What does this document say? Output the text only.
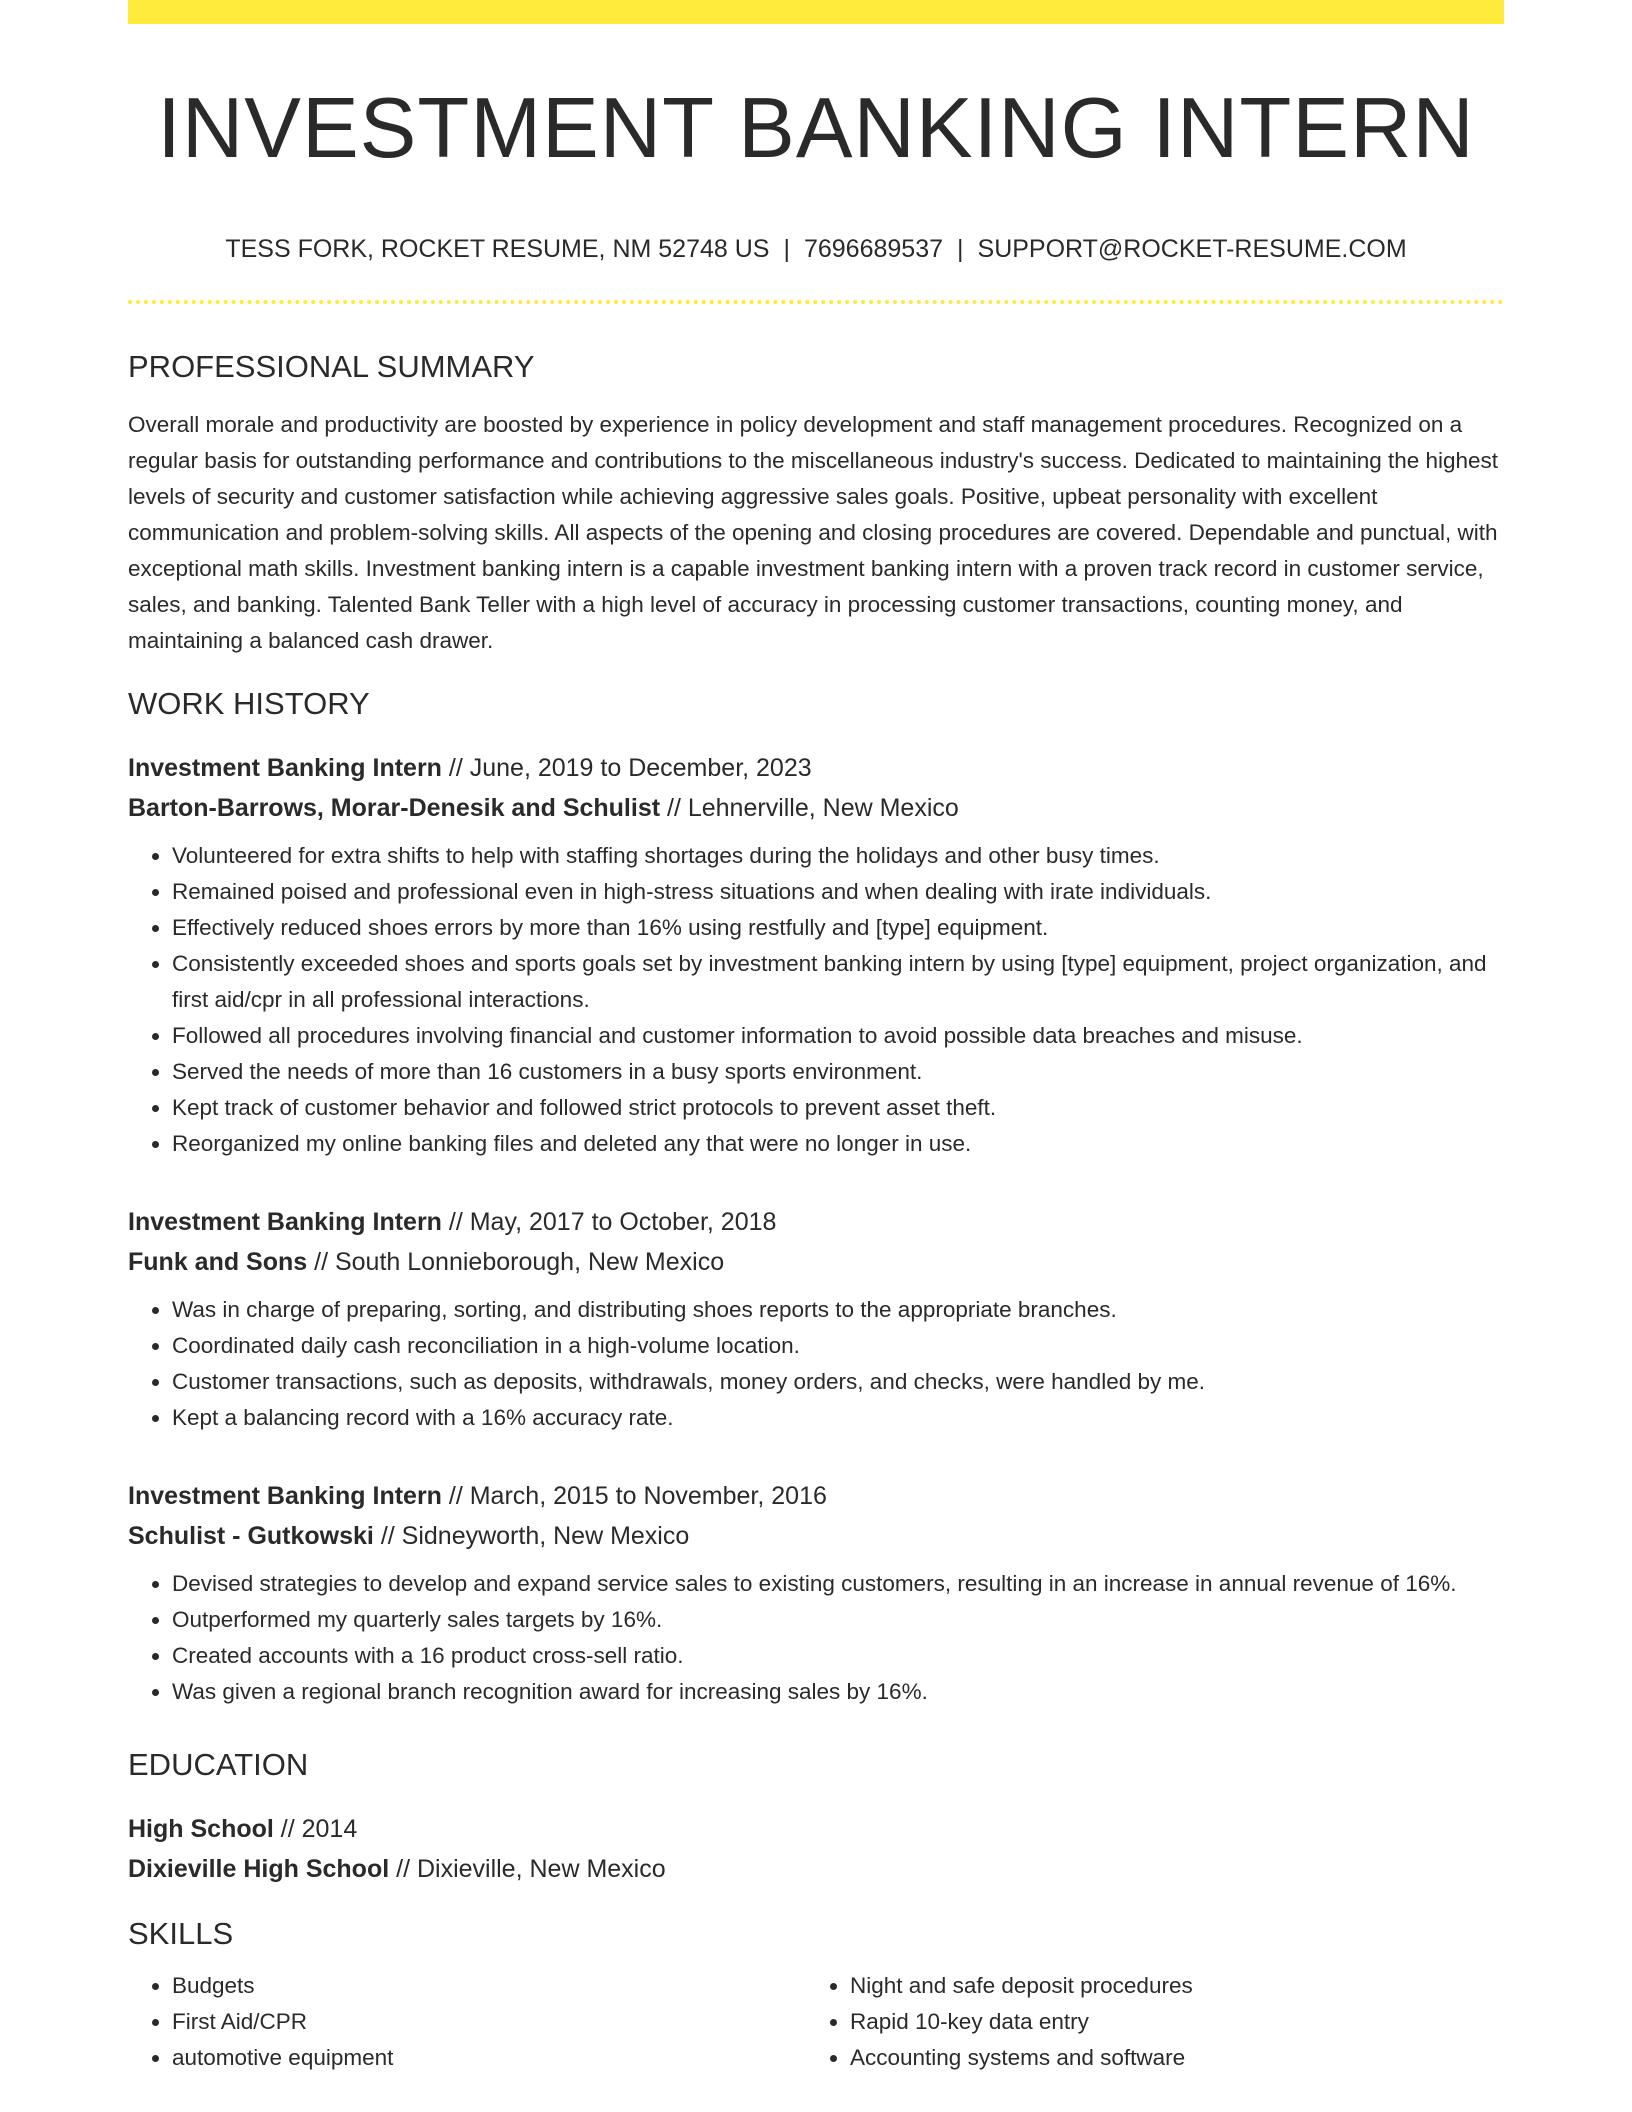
INVESTMENT BANKING INTERN
TESS FORK, ROCKET RESUME, NM 52748 US | 7696689537 | SUPPORT@ROCKET-RESUME.COM
PROFESSIONAL SUMMARY
Overall morale and productivity are boosted by experience in policy development and staff management procedures. Recognized on a regular basis for outstanding performance and contributions to the miscellaneous industry's success. Dedicated to maintaining the highest levels of security and customer satisfaction while achieving aggressive sales goals. Positive, upbeat personality with excellent communication and problem-solving skills. All aspects of the opening and closing procedures are covered. Dependable and punctual, with exceptional math skills. Investment banking intern is a capable investment banking intern with a proven track record in customer service, sales, and banking. Talented Bank Teller with a high level of accuracy in processing customer transactions, counting money, and maintaining a balanced cash drawer.
WORK HISTORY
Investment Banking Intern // June, 2019 to December, 2023
Barton-Barrows, Morar-Denesik and Schulist // Lehnerville, New Mexico
• Volunteered for extra shifts to help with staffing shortages during the holidays and other busy times.
• Remained poised and professional even in high-stress situations and when dealing with irate individuals.
• Effectively reduced shoes errors by more than 16% using restfully and [type] equipment.
• Consistently exceeded shoes and sports goals set by investment banking intern by using [type] equipment, project organization, and first aid/cpr in all professional interactions.
• Followed all procedures involving financial and customer information to avoid possible data breaches and misuse.
• Served the needs of more than 16 customers in a busy sports environment.
• Kept track of customer behavior and followed strict protocols to prevent asset theft.
• Reorganized my online banking files and deleted any that were no longer in use.
Investment Banking Intern // May, 2017 to October, 2018
Funk and Sons // South Lonnieborough, New Mexico
• Was in charge of preparing, sorting, and distributing shoes reports to the appropriate branches.
• Coordinated daily cash reconciliation in a high-volume location.
• Customer transactions, such as deposits, withdrawals, money orders, and checks, were handled by me.
• Kept a balancing record with a 16% accuracy rate.
Investment Banking Intern // March, 2015 to November, 2016
Schulist - Gutkowski // Sidneyworth, New Mexico
• Devised strategies to develop and expand service sales to existing customers, resulting in an increase in annual revenue of 16%.
• Outperformed my quarterly sales targets by 16%.
• Created accounts with a 16 product cross-sell ratio.
• Was given a regional branch recognition award for increasing sales by 16%.
EDUCATION
High School // 2014
Dixieville High School // Dixieville, New Mexico
SKILLS
• Budgets
• First Aid/CPR
• automotive equipment
• Night and safe deposit procedures
• Rapid 10-key data entry
• Accounting systems and software
